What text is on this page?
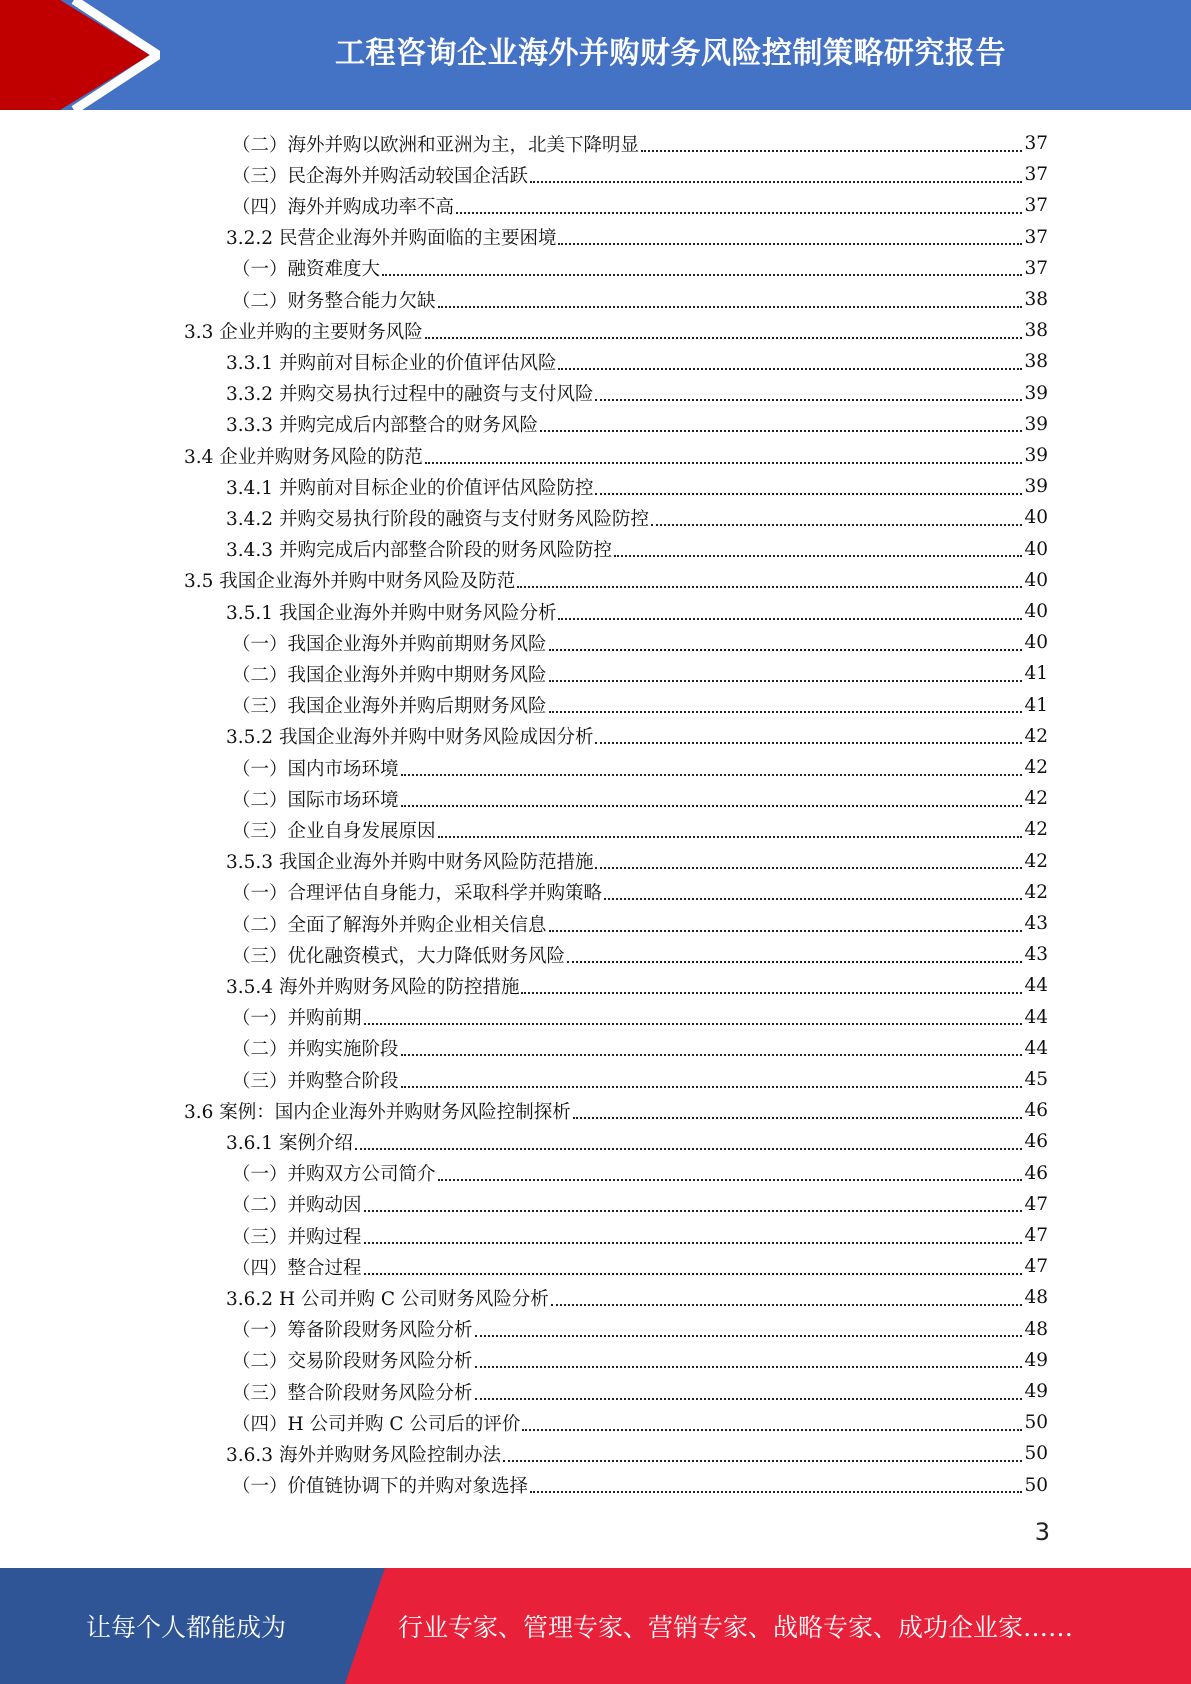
工程咨询企业海外并购财务风险控制策略研究报告
（二）海外并购以欧洲和亚洲为主，北美下降明显	37
（三）民企海外并购活动较国企活跃	37
（四）海外并购成功率不高	37
3.2.2 民营企业海外并购面临的主要困境	37
（一）融资难度大	37
（二）财务整合能力欠缺	38
3.3 企业并购的主要财务风险	38
3.3.1 并购前对目标企业的价值评估风险	38
3.3.2 并购交易执行过程中的融资与支付风险	39
3.3.3 并购完成后内部整合的财务风险	39
3.4 企业并购财务风险的防范	39
3.4.1 并购前对目标企业的价值评估风险防控	39
3.4.2 并购交易执行阶段的融资与支付财务风险防控	40
3.4.3 并购完成后内部整合阶段的财务风险防控	40
3.5 我国企业海外并购中财务风险及防范	40
3.5.1 我国企业海外并购中财务风险分析	40
（一）我国企业海外并购前期财务风险	40
（二）我国企业海外并购中期财务风险	41
（三）我国企业海外并购后期财务风险	41
3.5.2 我国企业海外并购中财务风险成因分析	42
（一）国内市场环境	42
（二）国际市场环境	42
（三）企业自身发展原因	42
3.5.3 我国企业海外并购中财务风险防范措施	42
（一）合理评估自身能力，采取科学并购策略	42
（二）全面了解海外并购企业相关信息	43
（三）优化融资模式，大力降低财务风险	43
3.5.4 海外并购财务风险的防控措施	44
（一）并购前期	44
（二）并购实施阶段	44
（三）并购整合阶段	45
3.6 案例：国内企业海外并购财务风险控制探析	46
3.6.1 案例介绍	46
（一）并购双方公司简介	46
（二）并购动因	47
（三）并购过程	47
（四）整合过程	47
3.6.2 H 公司并购 C 公司财务风险分析	48
（一）筹备阶段财务风险分析	48
（二）交易阶段财务风险分析	49
（三）整合阶段财务风险分析	49
（四）H 公司并购 C 公司后的评价	50
3.6.3 海外并购财务风险控制办法	50
（一）价值链协调下的并购对象选择	50
3
让每个人都能成为	行业专家、管理专家、营销专家、战略专家、成功企业家……
